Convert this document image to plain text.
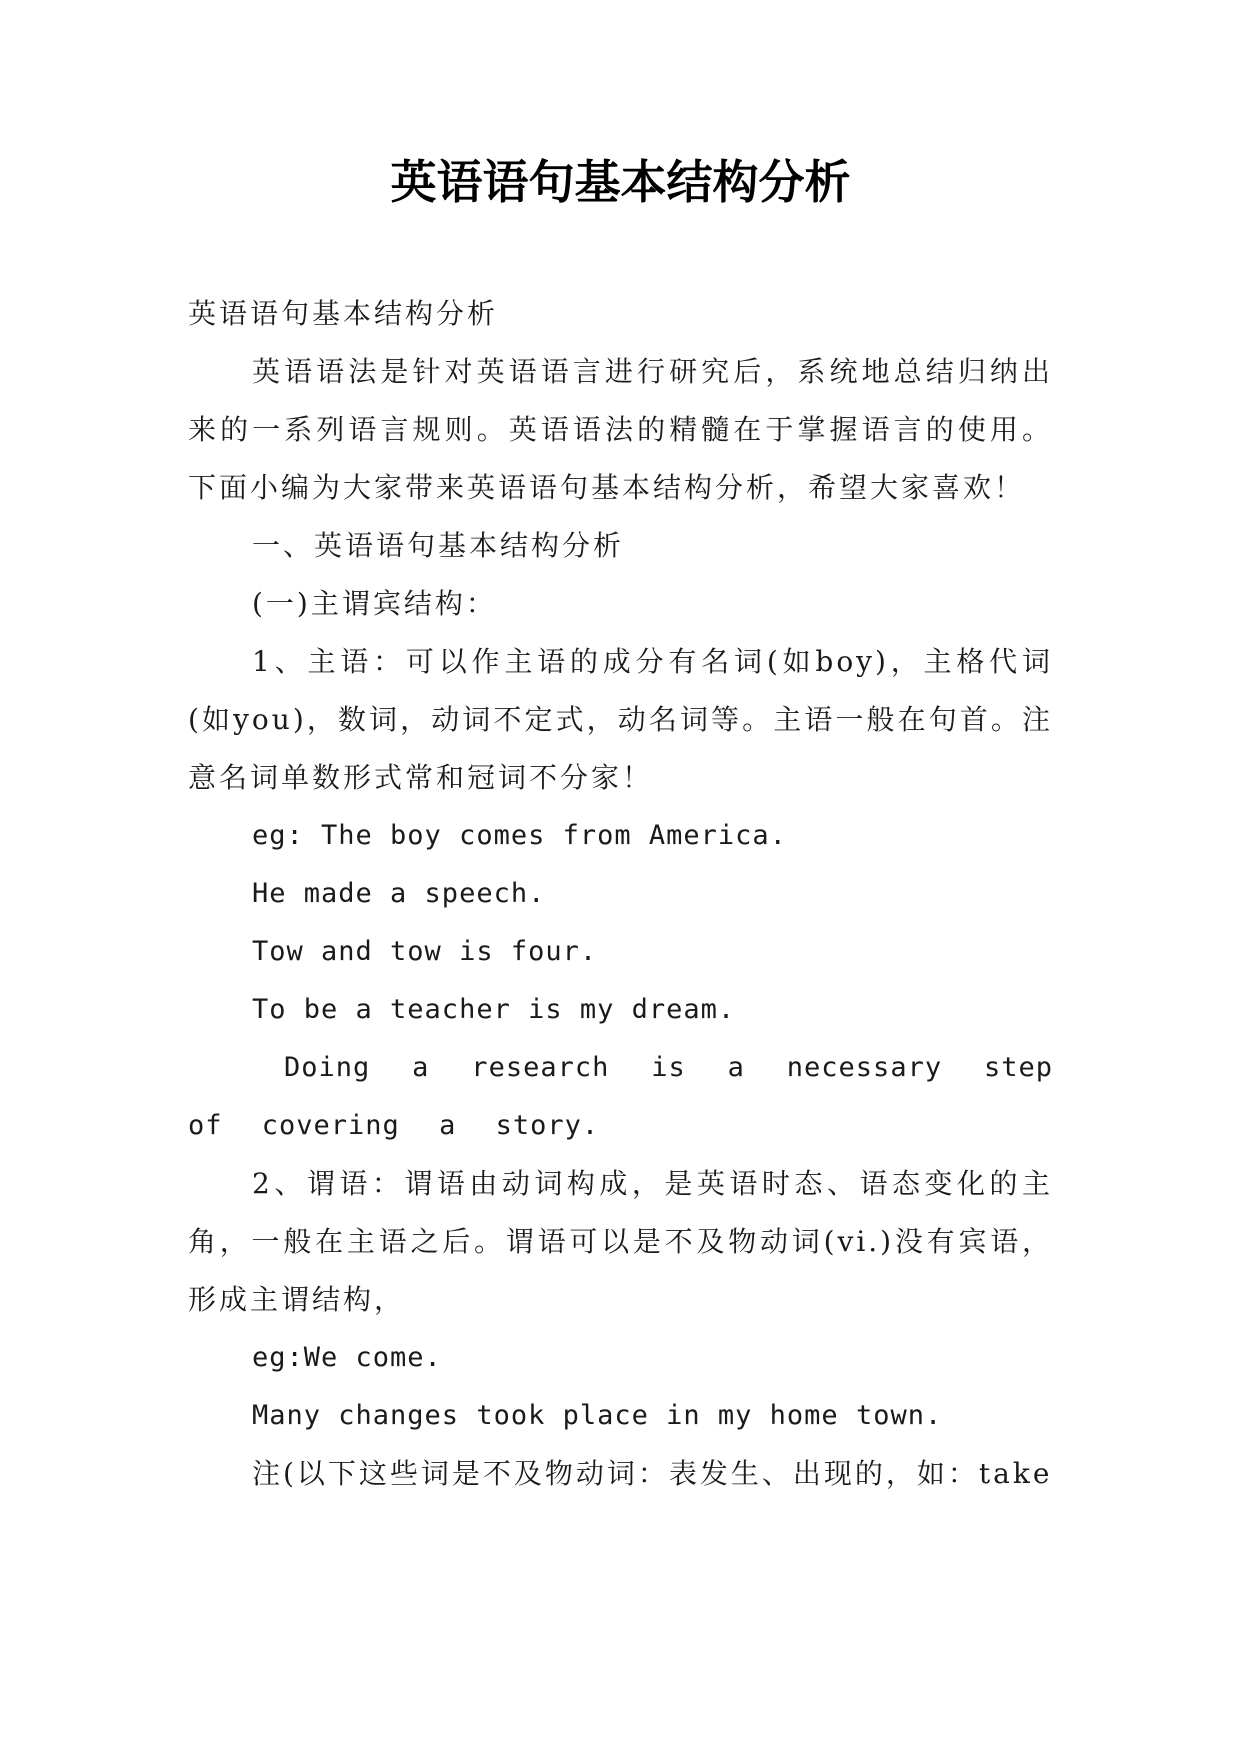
英语语句基本结构分析

英语语句基本结构分析

英语语法是针对英语语言进行研究后，系统地总结归纳出来的一系列语言规则。英语语法的精髓在于掌握语言的使用。下面小编为大家带来英语语句基本结构分析，希望大家喜欢！

一、英语语句基本结构分析

(一)主谓宾结构：

1、主语：可以作主语的成分有名词(如boy)，主格代词(如you)，数词，动词不定式，动名词等。主语一般在句首。注意名词单数形式常和冠词不分家！

eg: The boy comes from America.

He made a speech.

Tow and tow is four.

To be a teacher is my dream.

Doing a research is a necessary step of covering a story.

2、谓语：谓语由动词构成，是英语时态、语态变化的主角，一般在主语之后。谓语可以是不及物动词(vi.)没有宾语，形成主谓结构，

eg:We come.

Many changes took place in my home town.

注(以下这些词是不及物动词：表发生、出现的，如：take
